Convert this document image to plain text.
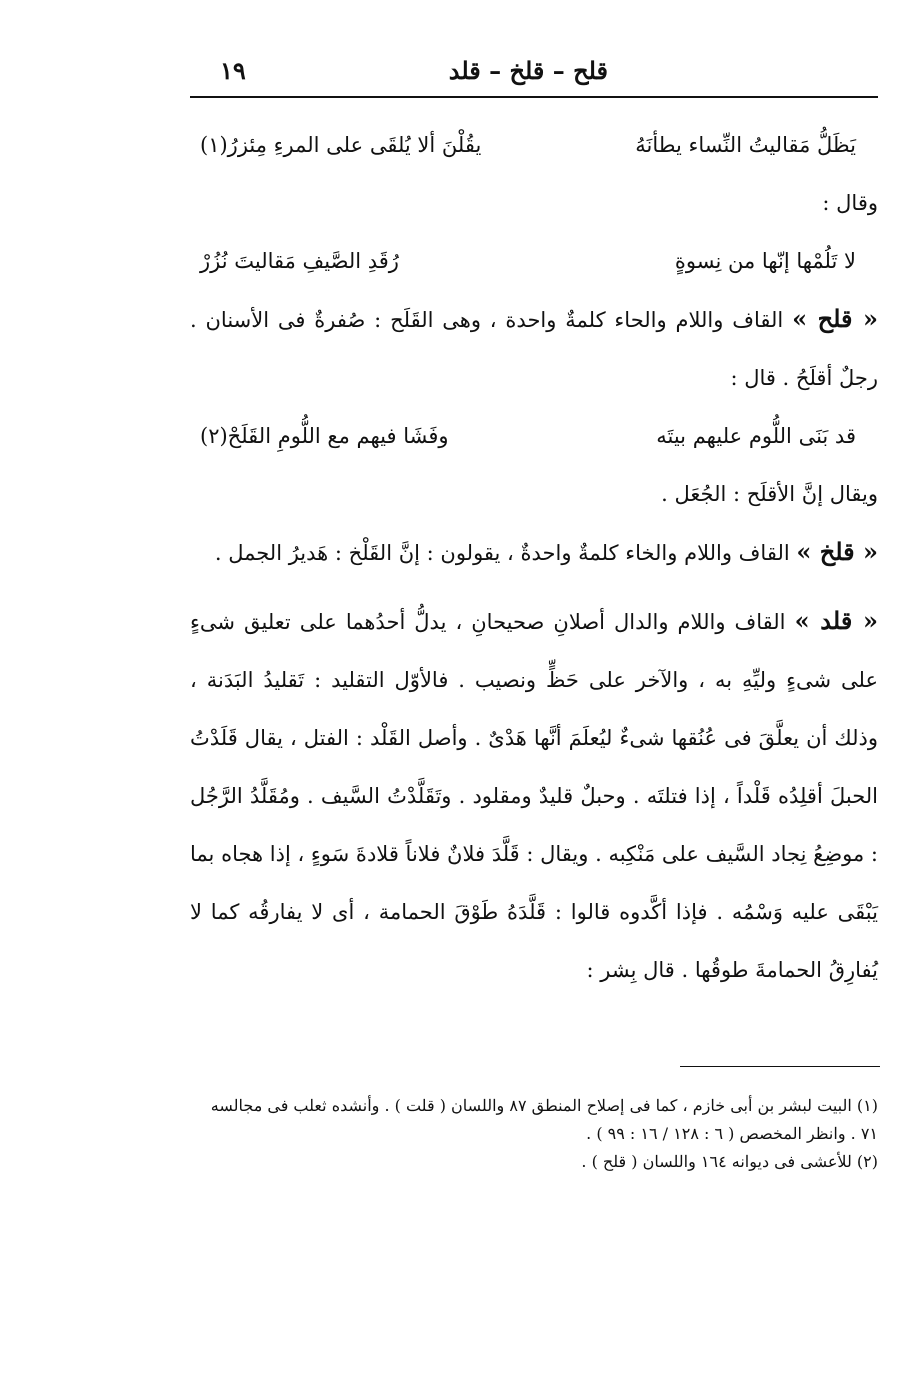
قلح – قلخ – قلد
١٩
يَظَلُّ مَقاليتُ النِّساء يطأنَهُ
يقُلْنَ ألا يُلقَى على المرءِ مِئزرُ(١)

وقال :

لا تَلُمْها إنّها من نِسوةٍ
رُقَدِ الصَّيفِ مَقاليتَ نُزُرْ

« قلح » القاف واللام والحاء كلمةٌ واحدة ، وهى القَلَح : صُفرةٌ فى الأسنان . رجلٌ أقلَحُ . قال :

قد بَنَى اللُّوم عليهم بيتَه
وفَشَا فيهم مع اللُّومِ القَلَحْ(٢)

ويقال إنَّ الأقلَح : الجُعَل .

« قلخ » القاف واللام والخاء كلمةٌ واحدةٌ ، يقولون : إنَّ القَلْخ : هَديرُ الجمل .

« قلد » القاف واللام والدال أصلانِ صحيحانِ ، يدلُّ أحدُهما على تعليق شىءٍ على شىءٍ وليِّهِ به ، والآخر على حَظٍّ ونصيب . فالأوّل التقليد : تَقليدُ البَدَنة ، وذلك أن يعلَّقَ فى عُنُقها شىءٌ ليُعلَمَ أنَّها هَدْىٌ . وأصل القَلْد : الفتل ، يقال قَلَدْتُ الحبلَ أقلِدُه قَلْداً ، إذا فتلتَه . وحبلٌ قليدٌ ومقلود . وتَقَلَّدْتُ السَّيف . ومُقَلَّدُ الرَّجُل : موضِعُ نِجاد السَّيف على مَنْكِبه . ويقال : قَلَّدَ فلانٌ فلاناً قلادةَ سَوءٍ ، إذا هجاه بما يَبْقَى عليه وَسْمُه . فإذا أكَّدوه قالوا : قَلَّدَهُ طَوْقَ الحمامة ، أى لا يفارقُه كما لا يُفارِقُ الحمامةَ طوقُها . قال بِشر :

(١) البيت لبشر بن أبى خازم ، كما فى إصلاح المنطق ٨٧ واللسان ( قلت ) . وأنشده ثعلب فى مجالسه ٧١ . وانظر المخصص ( ٦ : ١٢٨ / ١٦ : ٩٩ ) .

(٢) للأعشى فى ديوانه ١٦٤ واللسان ( قلح ) .
